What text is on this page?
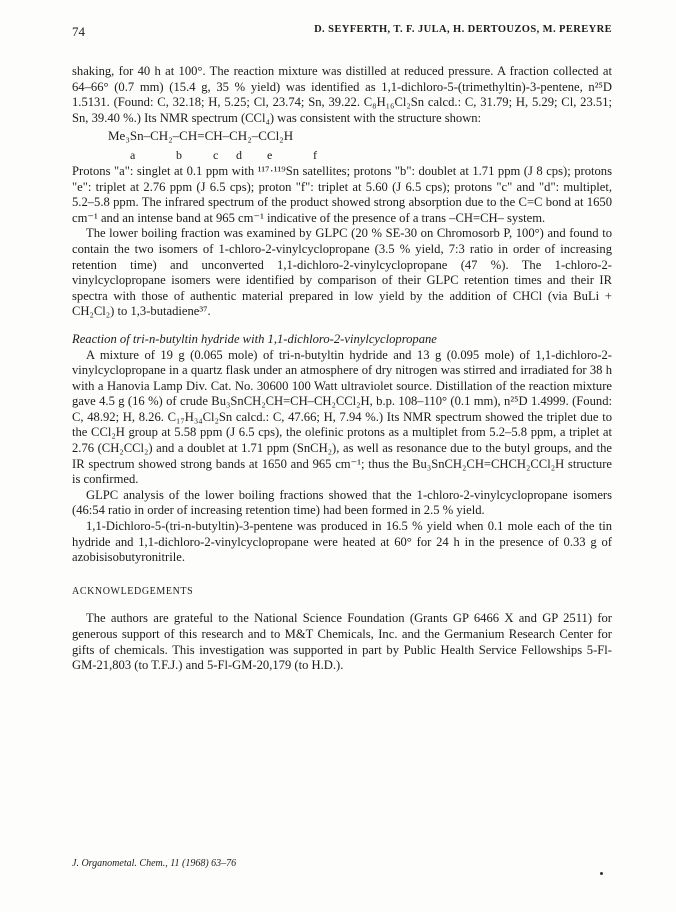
74	D. SEYFERTH, T. F. JULA, H. DERTOUZOS, M. PEREYRE

shaking, for 40 h at 100°. The reaction mixture was distilled at reduced pressure. A fraction collected at 64–66° (0.7 mm) (15.4 g, 35 % yield) was identified as 1,1-dichloro-5-(trimethyltin)-3-pentene, n²⁵D 1.5131. (Found: C, 32.18; H, 5.25; Cl, 23.74; Sn, 39.22. C₈H₁₆Cl₂Sn calcd.: C, 31.79; H, 5.29; Cl, 23.51; Sn, 39.40 %.) Its NMR spectrum (CCl₄) was consistent with the structure shown:

Me₃Sn–CH₂–CH=CH–CH₂–CCl₂H
a	b	c d e	f

Protons "a": singlet at 0.1 ppm with ¹¹⁷·¹¹⁹Sn satellites; protons "b": doublet at 1.71 ppm (J 8 cps); protons "e": triplet at 2.76 ppm (J 6.5 cps); proton "f": triplet at 5.60 (J 6.5 cps); protons "c" and "d": multiplet, 5.2–5.8 ppm. The infrared spectrum of the product showed strong absorption due to the C=C bond at 1650 cm⁻¹ and an intense band at 965 cm⁻¹ indicative of the presence of a trans –CH=CH– system.

The lower boiling fraction was examined by GLPC (20 % SE-30 on Chromosorb P, 100°) and found to contain the two isomers of 1-chloro-2-vinylcyclopropane (3.5 % yield, 7:3 ratio in order of increasing retention time) and unconverted 1,1-dichloro-2-vinylcyclopropane (47 %). The 1-chloro-2-vinylcyclopropane isomers were identified by comparison of their GLPC retention times and their IR spectra with those of authentic material prepared in low yield by the addition of CHCl (via BuLi + CH₂Cl₂) to 1,3-butadiene³⁷.

Reaction of tri-n-butyltin hydride with 1,1-dichloro-2-vinylcyclopropane

A mixture of 19 g (0.065 mole) of tri-n-butyltin hydride and 13 g (0.095 mole) of 1,1-dichloro-2-vinylcyclopropane in a quartz flask under an atmosphere of dry nitrogen was stirred and irradiated for 38 h with a Hanovia Lamp Div. Cat. No. 30600 100 Watt ultraviolet source. Distillation of the reaction mixture gave 4.5 g (16 %) of crude Bu₃SnCH₂CH=CH–CH₂CCl₂H, b.p. 108–110° (0.1 mm), n²⁵D 1.4999. (Found: C, 48.92; H, 8.26. C₁₇H₃₄Cl₂Sn calcd.: C, 47.66; H, 7.94 %.) Its NMR spectrum showed the triplet due to the CCl₂H group at 5.58 ppm (J 6.5 cps), the olefinic protons as a multiplet from 5.2–5.8 ppm, a triplet at 2.76 (CH₂CCl₂) and a doublet at 1.71 ppm (SnCH₂), as well as resonance due to the butyl groups, and the IR spectrum showed strong bands at 1650 and 965 cm⁻¹; thus the Bu₃SnCH₂CH=CHCH₂CCl₂H structure is confirmed.

GLPC analysis of the lower boiling fractions showed that the 1-chloro-2-vinylcyclopropane isomers (46:54 ratio in order of increasing retention time) had been formed in 2.5 % yield.

1,1-Dichloro-5-(tri-n-butyltin)-3-pentene was produced in 16.5 % yield when 0.1 mole each of the tin hydride and 1,1-dichloro-2-vinylcyclopropane were heated at 60° for 24 h in the presence of 0.33 g of azobisisobutyronitrile.

ACKNOWLEDGEMENTS

The authors are grateful to the National Science Foundation (Grants GP 6466 X and GP 2511) for generous support of this research and to M&T Chemicals, Inc. and the Germanium Research Center for gifts of chemicals. This investigation was supported in part by Public Health Service Fellowships 5-Fl-GM-21,803 (to T.F.J.) and 5-Fl-GM-20,179 (to H.D.).

J. Organometal. Chem., 11 (1968) 63–76
